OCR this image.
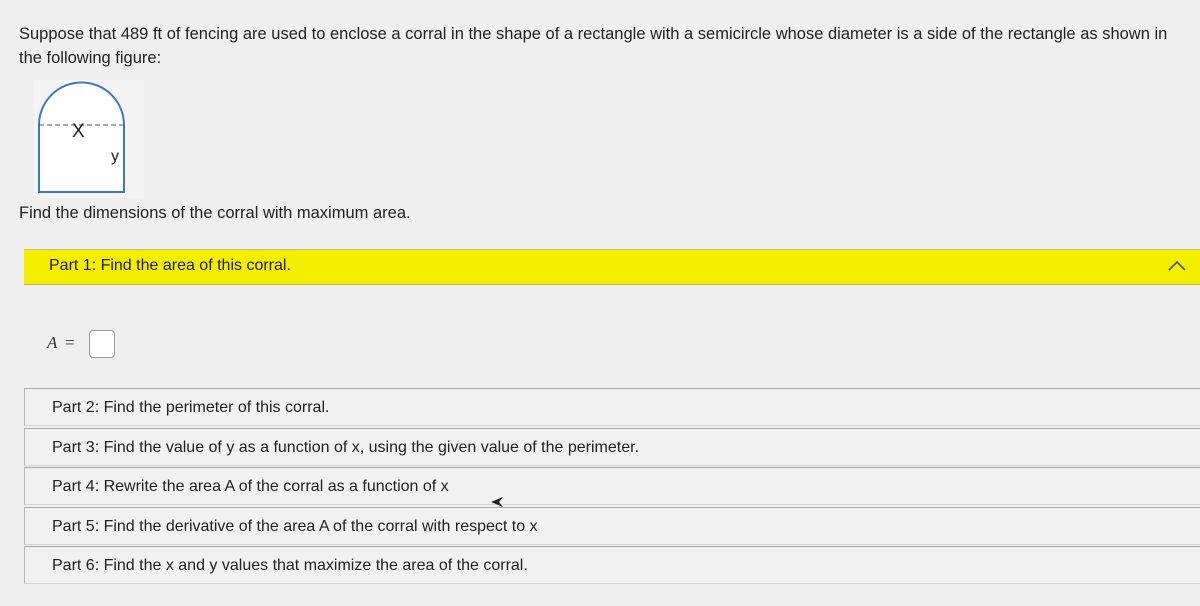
Suppose that 489 ft of fencing are used to enclose a corral in the shape of a rectangle with a semicircle whose diameter is a side of the rectangle as shown in the following figure:
X
y
Find the dimensions of the corral with maximum area.
Part 1: Find the area of this corral.
A =
Part 2: Find the perimeter of this corral.
Part 3: Find the value of y as a function of x, using the given value of the perimeter.
Part 4: Rewrite the area A of the corral as a function of x
Part 5: Find the derivative of the area A of the corral with respect to x
Part 6: Find the x and y values that maximize the area of the corral.
